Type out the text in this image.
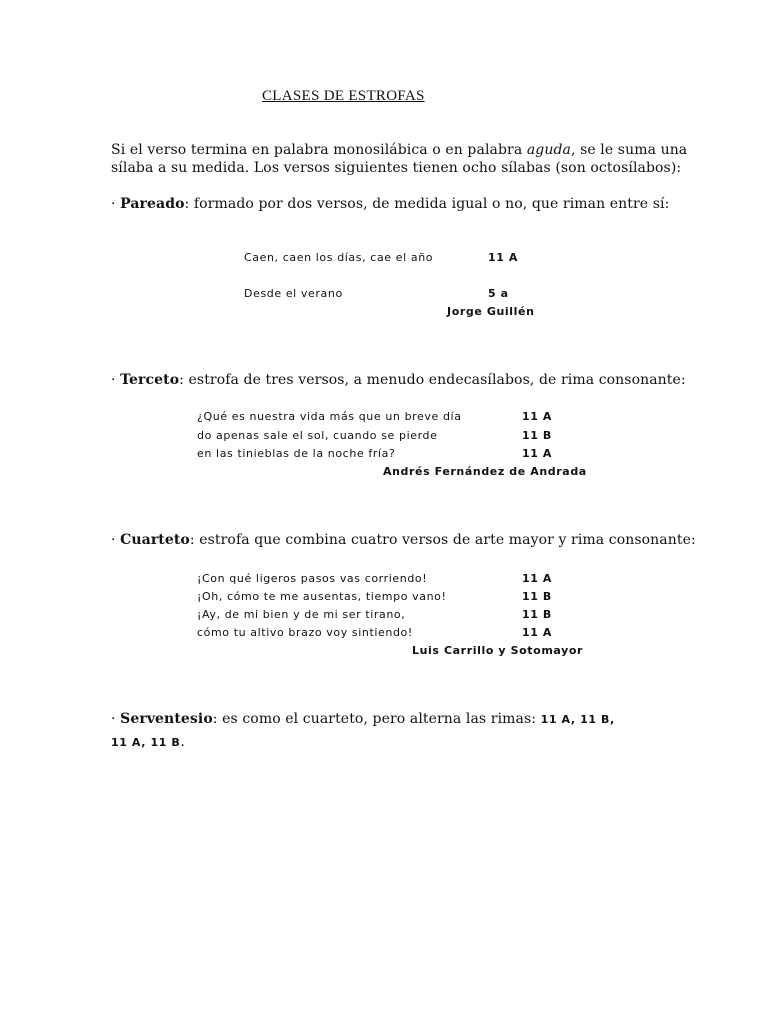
CLASES DE ESTROFAS
Si el verso termina en palabra monosilábica o en palabra aguda, se le suma una
sílaba a su medida. Los versos siguientes tienen ocho sílabas (son octosílabos):
· Pareado: formado por dos versos, de medida igual o no, que riman entre sí:
Caen, caen los días, cae el año	11 A
Desde el verano	5 a
Jorge Guillén
· Terceto: estrofa de tres versos, a menudo endecasílabos, de rima consonante:
¿Qué es nuestra vida más que un breve día	11 A
do apenas sale el sol, cuando se pierde	11 B
en las tinieblas de la noche fría?	11 A
Andrés Fernández de Andrada
· Cuarteto: estrofa que combina cuatro versos de arte mayor y rima consonante:
¡Con qué ligeros pasos vas corriendo!	11 A
¡Oh, cómo te me ausentas, tiempo vano!	11 B
¡Ay, de mi bien y de mi ser tirano,	11 B
cómo tu altivo brazo voy sintiendo!	11 A
Luis Carrillo y Sotomayor
· Serventesio: es como el cuarteto, pero alterna las rimas: 11 A, 11 B,
11 A, 11 B.
